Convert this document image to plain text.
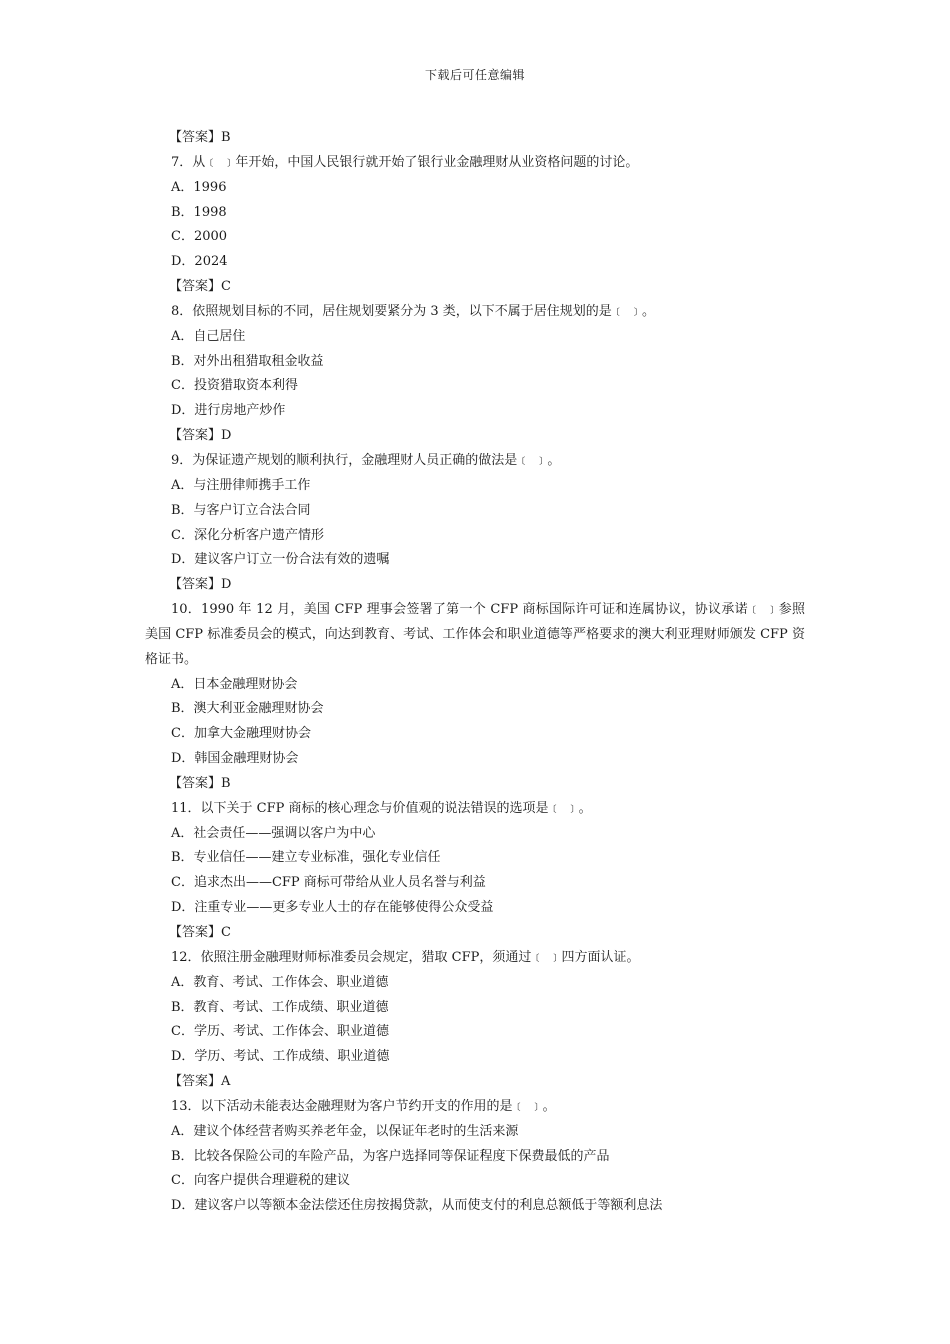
下载后可任意编辑
【答案】B
7．从﹝ ﹞年开始，中国人民银行就开始了银行业金融理财从业资格问题的讨论。
A．1996
B．1998
C．2000
D．2024
【答案】C
8．依照规划目标的不同，居住规划要紧分为 3 类，以下不属于居住规划的是﹝ ﹞。
A．自己居住
B．对外出租猎取租金收益
C．投资猎取资本利得
D．进行房地产炒作
【答案】D
9．为保证遗产规划的顺利执行，金融理财人员正确的做法是﹝ ﹞。
A．与注册律师携手工作
B．与客户订立合法合同
C．深化分析客户遗产情形
D．建议客户订立一份合法有效的遗嘱
【答案】D
10．1990 年 12 月，美国 CFP 理事会签署了第一个 CFP 商标国际许可证和连属协议，协议承诺﹝ ﹞参照美国 CFP 标准委员会的模式，向达到教育、考试、工作体会和职业道德等严格要求的澳大利亚理财师颁发 CFP 资格证书。
A．日本金融理财协会
B．澳大利亚金融理财协会
C．加拿大金融理财协会
D．韩国金融理财协会
【答案】B
11．以下关于 CFP 商标的核心理念与价值观的说法错误的选项是﹝ ﹞。
A．社会责任——强调以客户为中心
B．专业信任——建立专业标准，强化专业信任
C．追求杰出——CFP 商标可带给从业人员名誉与利益
D．注重专业——更多专业人士的存在能够使得公众受益
【答案】C
12．依照注册金融理财师标准委员会规定，猎取 CFP，须通过﹝ ﹞四方面认证。
A．教育、考试、工作体会、职业道德
B．教育、考试、工作成绩、职业道德
C．学历、考试、工作体会、职业道德
D．学历、考试、工作成绩、职业道德
【答案】A
13．以下活动未能表达金融理财为客户节约开支的作用的是﹝ ﹞。
A．建议个体经营者购买养老年金，以保证年老时的生活来源
B．比较各保险公司的车险产品，为客户选择同等保证程度下保费最低的产品
C．向客户提供合理避税的建议
D．建议客户以等额本金法偿还住房按揭贷款，从而使支付的利息总额低于等额利息法
